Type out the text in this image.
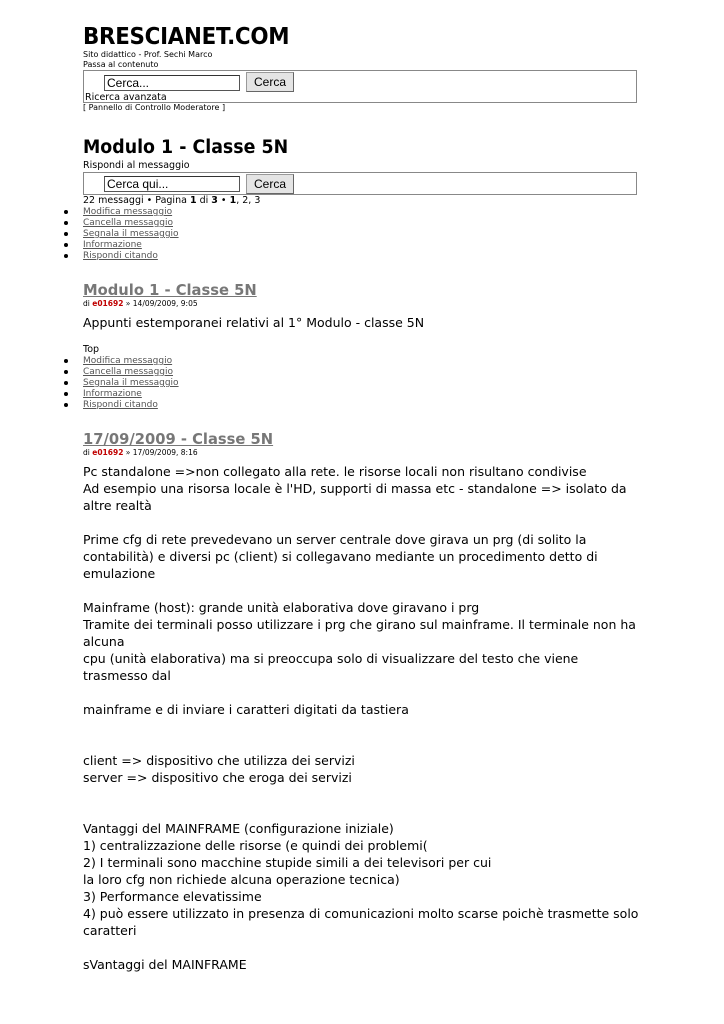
BRESCIANET.COM
Sito didattico - Prof. Sechi Marco
Passa al contenuto
Cerca...
Cerca
Ricerca avanzata
[ Pannello di Controllo Moderatore ]
Modulo 1 - Classe 5N
Rispondi al messaggio
Cerca qui...
Cerca
22 messaggi • Pagina 1 di 3 • 1, 2, 3
Modifica messaggio
Cancella messaggio
Segnala il messaggio
Informazione
Rispondi citando
Modulo 1 - Classe 5N
di e01692 » 14/09/2009, 9:05

Appunti estemporanei relativi al 1° Modulo - classe 5N

Top
Modifica messaggio
Cancella messaggio
Segnala il messaggio
Informazione
Rispondi citando
17/09/2009 - Classe 5N
di e01692 » 17/09/2009, 8:16

Pc standalone =>non collegato alla rete. le risorse locali non risultano condivise

Ad esempio una risorsa locale è l'HD, supporti di massa etc - standalone => isolato da altre realtà

Prime cfg di rete prevedevano un server centrale dove girava un prg (di solito la contabilità) e diversi pc (client) si collegavano mediante un procedimento detto di emulazione

Mainframe (host): grande unità elaborativa dove giravano i prg

Tramite dei terminali posso utilizzare i prg che girano sul mainframe. Il terminale non ha alcuna

cpu (unità elaborativa) ma si preoccupa solo di visualizzare del testo che viene trasmesso dal

mainframe e di inviare i caratteri digitati da tastiera

client => dispositivo che utilizza dei servizi

server => dispositivo che eroga dei servizi

Vantaggi del MAINFRAME (configurazione iniziale)

1) centralizzazione delle risorse (e quindi dei problemi(

2) I terminali sono macchine stupide simili a dei televisori per cui

la loro cfg non richiede alcuna operazione tecnica)

3) Performance elevatissime

4) può essere utilizzato in presenza di comunicazioni molto scarse poichè trasmette solo caratteri

sVantaggi del MAINFRAME
